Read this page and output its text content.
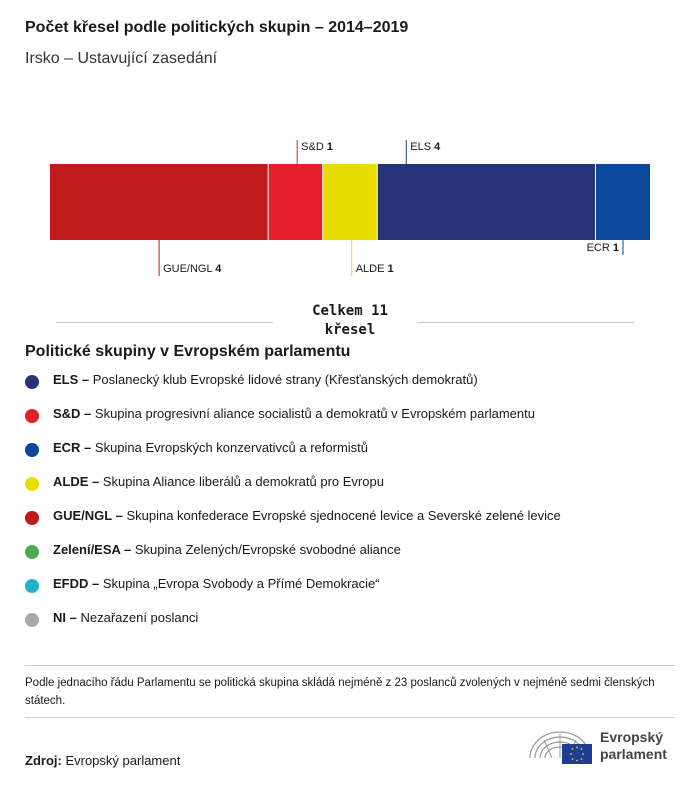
Počet křesel podle politických skupin – 2014–2019
Irsko – Ustavující zasedání
GUE/NGL 4
S&D 1
ALDE 1
ELS 4
ECR 1
Celkem 11
křesel
Politické skupiny v Evropském parlamentu
ELS – Poslanecký klub Evropské lidové strany (Křesťanských demokratů)
S&D – Skupina progresivní aliance socialistů a demokratů v Evropském parlamentu
ECR – Skupina Evropských konzervativců a reformistů
ALDE – Skupina Aliance liberálů a demokratů pro Evropu
GUE/NGL – Skupina konfederace Evropské sjednocené levice a Severské zelené levice
Zelení/ESA – Skupina Zelených/Evropské svobodné aliance
EFDD – Skupina „Evropa Svobody a Přímé Demokracie“
NI – Nezařazení poslanci
Podle jednacího řádu Parlamentu se politická skupina skládá nejméně z 23 poslanců zvolených v nejméně sedmi členských státech.
Zdroj: Evropský parlament
Evropský
parlament
